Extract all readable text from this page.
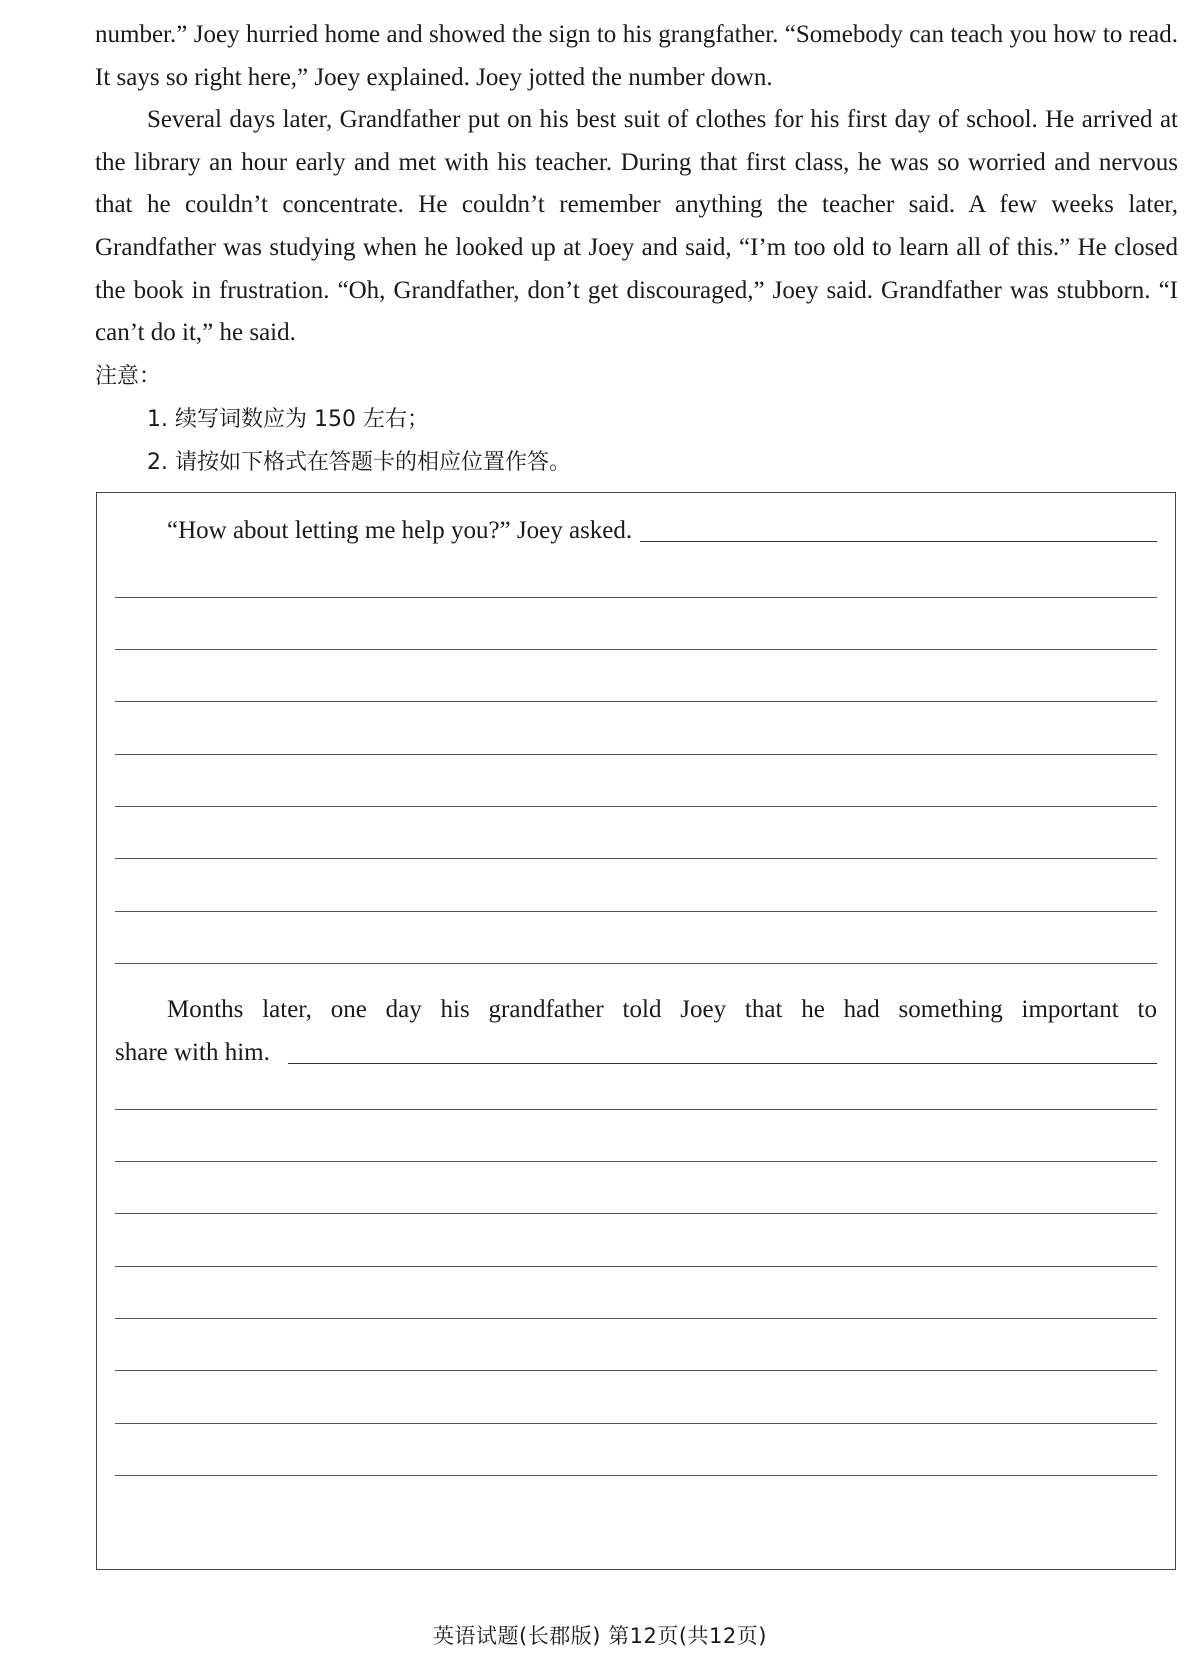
number.” Joey hurried home and showed the sign to his grangfather. “Somebody can teach you how to read. It says so right here,” Joey explained. Joey jotted the number down.

Several days later, Grandfather put on his best suit of clothes for his first day of school. He arrived at the library an hour early and met with his teacher. During that first class, he was so worried and nervous that he couldn’t concentrate. He couldn’t remember anything the teacher said. A few weeks later, Grandfather was studying when he looked up at Joey and said, “I’m too old to learn all of this.” He closed the book in frustration. “Oh, Grandfather, don’t get discouraged,” Joey said. Grandfather was stubborn. “I can’t do it,” he said.

注意：
1. 续写词数应为 150 左右；
2. 请按如下格式在答题卡的相应位置作答。
“How about letting me help you?” Joey asked.
Months later, one day his grandfather told Joey that he had something important to
share with him.
英语试题(长郡版) 第12页(共12页)
